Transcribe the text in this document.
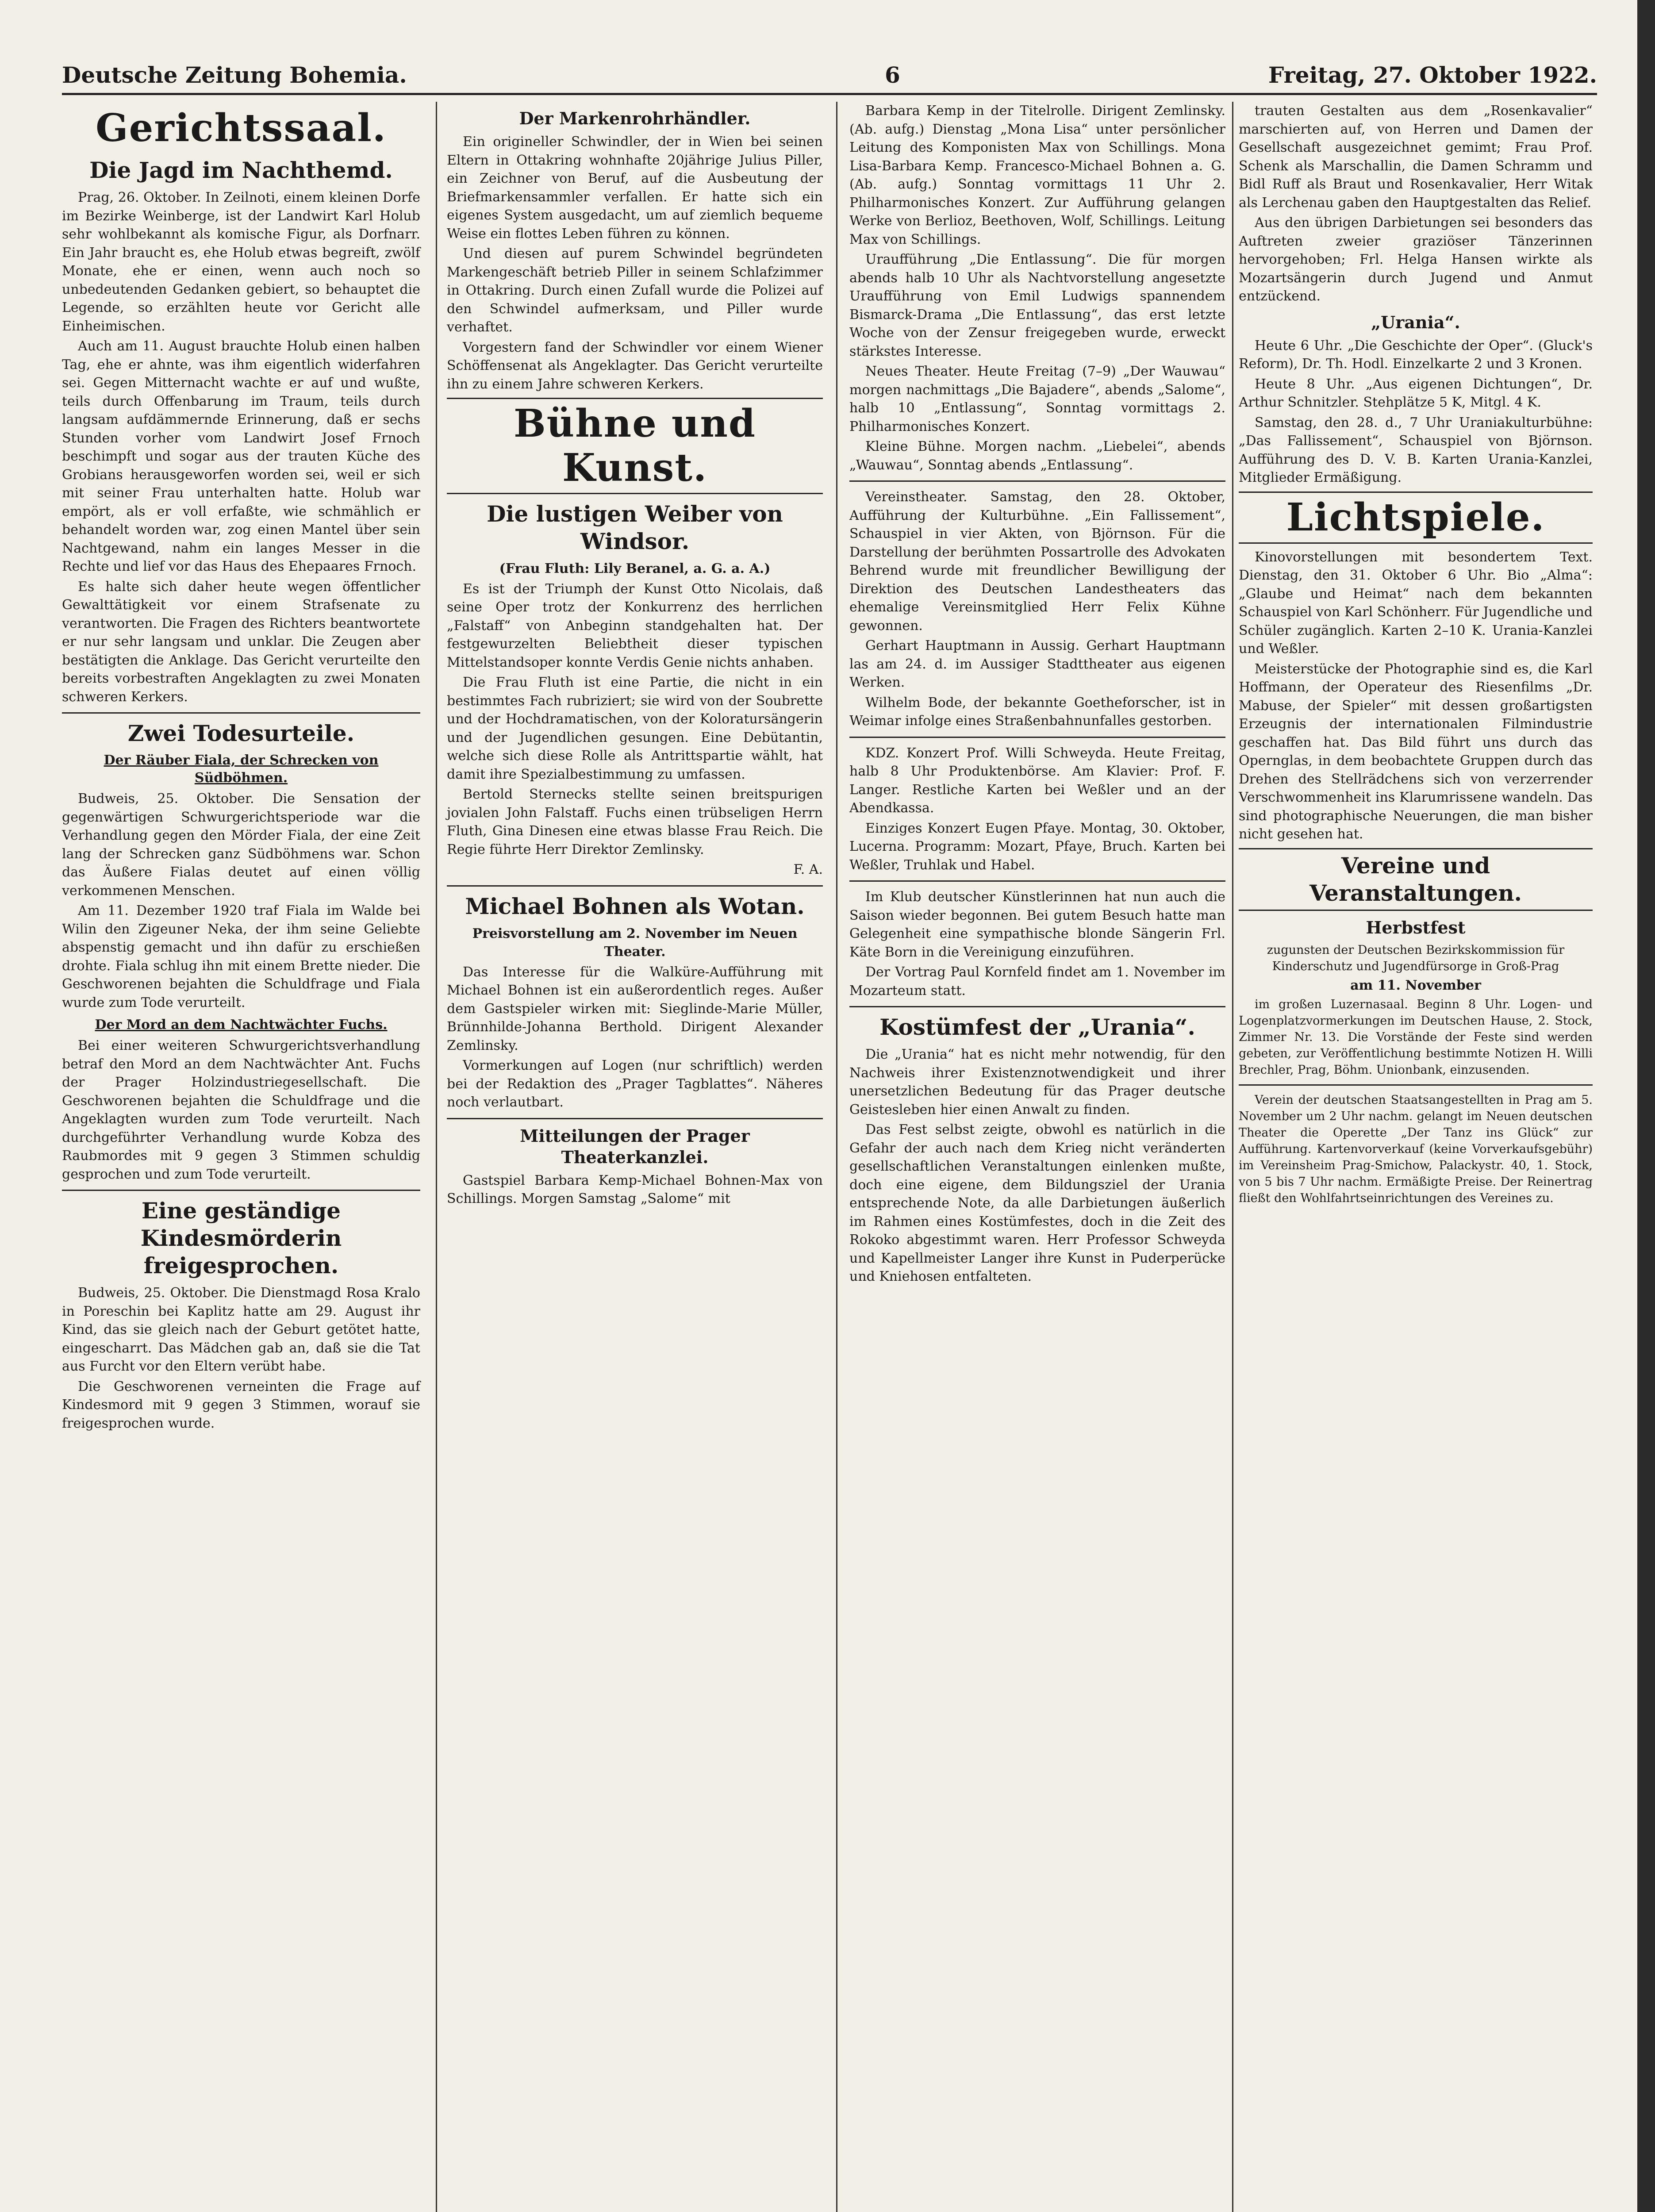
Deutsche Zeitung Bohemia.	6	Freitag, 27. Oktober 1922.
Gerichtssaal.
Die Jagd im Nachthemd.

Prag, 26. Oktober. In Zeilnoti, einem kleinen Dorfe im Bezirke Weinberge, ist der Landwirt Karl Holub sehr wohlbekannt als komische Figur, als Dorfnarr. Ein Jahr braucht es, ehe Holub etwas begreift, zwölf Monate, ehe er einen, wenn auch noch so unbedeutenden Gedanken gebiert, so behauptet die Legende, so erzählten heute vor Gericht alle Einheimischen.

Auch am 11. August brauchte Holub einen halben Tag, ehe er ahnte, was ihm eigentlich widerfahren sei. Gegen Mitternacht wachte er auf und wußte, teils durch Offenbarung im Traum, teils durch langsam aufdämmernde Erinnerung, daß er sechs Stunden vorher vom Landwirt Josef Frnoch beschimpft und sogar aus der trauten Küche des Grobians herausgeworfen worden sei, weil er sich mit seiner Frau unterhalten hatte. Holub war empört, als er voll erfaßte, wie schmählich er behandelt worden war, zog einen Mantel über sein Nachtgewand, nahm ein langes Messer in die Rechte und lief vor das Haus des Ehepaares Frnoch.

Es halte sich daher heute wegen öffentlicher Gewalttätigkeit vor einem Strafsenate zu verantworten. Die Fragen des Richters beantwortete er nur sehr langsam und unklar. Die Zeugen aber bestätigten die Anklage. Das Gericht verurteilte den bereits vorbestraften Angeklagten zu zwei Monaten schweren Kerkers.

Zwei Todesurteile.
Der Räuber Fiala, der Schrecken von Südböhmen.

Budweis, 25. Oktober. Die Sensation der gegenwärtigen Schwurgerichtsperiode war die Verhandlung gegen den Mörder Fiala, der eine Zeit lang der Schrecken ganz Südböhmens war. Schon das Äußere Fialas deutet auf einen völlig verkommenen Menschen.

Am 11. Dezember 1920 traf Fiala im Walde bei Wilin den Zigeuner Neka, der ihm seine Geliebte abspenstig gemacht und ihn dafür zu erschießen drohte. Fiala schlug ihn mit einem Brette nieder. Die Geschworenen bejahten die Schuldfrage und Fiala wurde zum Tode verurteilt.

Der Mord an dem Nachtwächter Fuchs.

Bei einer weiteren Schwurgerichtsverhandlung betraf den Mord an dem Nachtwächter Ant. Fuchs der Prager Holzindustriegesellschaft. Die Geschworenen bejahten die Schuldfrage und die Angeklagten wurden zum Tode verurteilt. Nach durchgeführter Verhandlung wurde Kobza des Raubmordes mit 9 gegen 3 Stimmen schuldig gesprochen und zum Tode verurteilt.

Eine geständige Kindesmörderin freigesprochen.

Budweis, 25. Oktober. Die Dienstmagd Rosa Kralo in Poreschin bei Kaplitz hatte am 29. August ihr Kind, das sie gleich nach der Geburt getötet hatte, eingescharrt. Das Mädchen gab an, daß sie die Tat aus Furcht vor den Eltern verübt habe.

Die Geschworenen verneinten die Frage auf Kindesmord mit 9 gegen 3 Stimmen, worauf sie freigesprochen wurde.

Der Markenrohrhändler.

Ein origineller Schwindler, der in Wien bei seinen Eltern in Ottakring wohnhafte 20jährige Julius Piller, ein Zeichner von Beruf, auf die Ausbeutung der Briefmarkensammler verfallen. Er hatte sich ein eigenes System ausgedacht, um auf ziemlich bequeme Weise ein flottes Leben führen zu können.

Und diesen auf purem Schwindel begründeten Markengeschäft betrieb Piller in seinem Schlafzimmer in Ottakring. Durch einen Zufall wurde die Polizei auf den Schwindel aufmerksam, und Piller wurde verhaftet.

Vorgestern fand der Schwindler vor einem Wiener Schöffensenat als Angeklagter. Das Gericht verurteilte ihn zu einem Jahre schweren Kerkers.

Bühne und Kunst.
Die lustigen Weiber von Windsor.

(Frau Fluth: Lily Beranel, a. G. a. A.)

Es ist der Triumph der Kunst Otto Nicolais, daß seine Oper trotz der Konkurrenz des herrlichen „Falstaff“ von Anbeginn standgehalten hat. Der festgewurzelten Beliebtheit dieser typischen Mittelstandsoper konnte Verdis Genie nichts anhaben.

Die Frau Fluth ist eine Partie, die nicht in ein bestimmtes Fach rubriziert; sie wird von der Soubrette und der Hochdramatischen, von der Koloratursängerin und der Jugendlichen gesungen. Eine Debütantin, welche sich diese Rolle als Antrittspartie wählt, hat damit ihre Spezialbestimmung zu umfassen.

Bertold Sternecks stellte seinen breitspurigen jovialen John Falstaff. Fuchs einen trübseligen Herrn Fluth, Gina Dinesen eine etwas blasse Frau Reich. Die Regie führte Herr Direktor Zemlinsky.

F. A.

Michael Bohnen als Wotan.

Preisvorstellung am 2. November im Neuen Theater.

Das Interesse für die Walküre-Aufführung mit Michael Bohnen ist ein außerordentlich reges. Außer dem Gastspieler wirken mit: Sieglinde-Marie Müller, Brünnhilde-Johanna Berthold. Dirigent Alexander Zemlinsky.

Vormerkungen auf Logen (nur schriftlich) werden bei der Redaktion des „Prager Tagblattes“. Näheres noch verlautbart.

Mitteilungen der Prager Theaterkanzlei.

Gastspiel Barbara Kemp-Michael Bohnen-Max von Schillings. Morgen Samstag „Salome“ mit

Barbara Kemp in der Titelrolle. Dirigent Zemlinsky. (Ab. aufg.) Dienstag „Mona Lisa“ unter persönlicher Leitung des Komponisten Max von Schillings. Mona Lisa-Barbara Kemp. Francesco-Michael Bohnen a. G. (Ab. aufg.) Sonntag vormittags 11 Uhr 2. Philharmonisches Konzert. Zur Aufführung gelangen Werke von Berlioz, Beethoven, Wolf, Schillings. Leitung Max von Schillings.

Uraufführung „Die Entlassung“. Die für morgen abends halb 10 Uhr als Nachtvorstellung angesetzte Uraufführung von Emil Ludwigs spannendem Bismarck-Drama „Die Entlassung“, das erst letzte Woche von der Zensur freigegeben wurde, erweckt stärkstes Interesse.

Neues Theater. Heute Freitag (7–9) „Der Wauwau“ morgen nachmittags „Die Bajadere“, abends „Salome“, halb 10 „Entlassung“, Sonntag vormittags 2. Philharmonisches Konzert.

Kleine Bühne. Morgen nachm. „Liebelei“, abends „Wauwau“, Sonntag abends „Entlassung“.

Vereinstheater. Samstag, den 28. Oktober, Aufführung der Kulturbühne. „Ein Fallissement“, Schauspiel in vier Akten, von Björnson. Für die Darstellung der berühmten Possartrolle des Advokaten Behrend wurde mit freundlicher Bewilligung der Direktion des Deutschen Landestheaters das ehemalige Vereinsmitglied Herr Felix Kühne gewonnen.

Gerhart Hauptmann in Aussig. Gerhart Hauptmann las am 24. d. im Aussiger Stadttheater aus eigenen Werken.

Wilhelm Bode, der bekannte Goetheforscher, ist in Weimar infolge eines Straßenbahnunfalles gestorben.

KDZ. Konzert Prof. Willi Schweyda. Heute Freitag, halb 8 Uhr Produktenbörse. Am Klavier: Prof. F. Langer. Restliche Karten bei Weßler und an der Abendkassa.

Einziges Konzert Eugen Pfaye. Montag, 30. Oktober, Lucerna. Programm: Mozart, Pfaye, Bruch. Karten bei Weßler, Truhlak und Habel.

Im Klub deutscher Künstlerinnen hat nun auch die Saison wieder begonnen. Bei gutem Besuch hatte man Gelegenheit eine sympathische blonde Sängerin Frl. Käte Born in die Vereinigung einzuführen.

Der Vortrag Paul Kornfeld findet am 1. November im Mozarteum statt.

Kostümfest der „Urania“.

Die „Urania“ hat es nicht mehr notwendig, für den Nachweis ihrer Existenznotwendigkeit und ihrer unersetzlichen Bedeutung für das Prager deutsche Geistesleben hier einen Anwalt zu finden.

Das Fest selbst zeigte, obwohl es natürlich in die Gefahr der auch nach dem Krieg nicht veränderten gesellschaftlichen Veranstaltungen einlenken mußte, doch eine eigene, dem Bildungsziel der Urania entsprechende Note, da alle Darbietungen äußerlich im Rahmen eines Kostümfestes, doch in die Zeit des Rokoko abgestimmt waren. Herr Professor Schweyda und Kapellmeister Langer ihre Kunst in Puderperücke und Kniehosen entfalteten.

trauten Gestalten aus dem „Rosenkavalier“ marschierten auf, von Herren und Damen der Gesellschaft ausgezeichnet gemimt; Frau Prof. Schenk als Marschallin, die Damen Schramm und Bidl Ruff als Braut und Rosenkavalier, Herr Witak als Lerchenau gaben den Hauptgestalten das Relief.

Aus den übrigen Darbietungen sei besonders das Auftreten zweier graziöser Tänzerinnen hervorgehoben; Frl. Helga Hansen wirkte als Mozartsängerin durch Jugend und Anmut entzückend.

„Urania“.

Heute 6 Uhr. „Die Geschichte der Oper“. (Gluck's Reform), Dr. Th. Hodl. Einzelkarte 2 und 3 Kronen.

Heute 8 Uhr. „Aus eigenen Dichtungen“, Dr. Arthur Schnitzler. Stehplätze 5 K, Mitgl. 4 K.

Samstag, den 28. d., 7 Uhr Uraniakulturbühne: „Das Fallissement“, Schauspiel von Björnson. Aufführung des D. V. B. Karten Urania-Kanzlei, Mitglieder Ermäßigung.

Lichtspiele.

Kinovorstellungen mit besondertem Text. Dienstag, den 31. Oktober 6 Uhr. Bio „Alma“: „Glaube und Heimat“ nach dem bekannten Schauspiel von Karl Schönherr. Für Jugendliche und Schüler zugänglich. Karten 2–10 K. Urania-Kanzlei und Weßler.

Meisterstücke der Photographie sind es, die Karl Hoffmann, der Operateur des Riesenfilms „Dr. Mabuse, der Spieler“ mit dessen großartigsten Erzeugnis der internationalen Filmindustrie geschaffen hat. Das Bild führt uns durch das Opernglas, in dem beobachtete Gruppen durch das Drehen des Stellrädchens sich von verzerrender Verschwommenheit ins Klarumrissene wandeln. Das sind photographische Neuerungen, die man bisher nicht gesehen hat.

Vereine und Veranstaltungen.
Herbstfest

zugunsten der Deutschen Bezirkskommission für Kinderschutz und Jugendfürsorge in Groß-Prag

am 11. November

im großen Luzernasaal. Beginn 8 Uhr. Logen- und Logenplatzvormerkungen im Deutschen Hause, 2. Stock, Zimmer Nr. 13. Die Vorstände der Feste sind werden gebeten, zur Veröffentlichung bestimmte Notizen H. Willi Brechler, Prag, Böhm. Unionbank, einzusenden.

Verein der deutschen Staatsangestellten in Prag am 5. November um 2 Uhr nachm. gelangt im Neuen deutschen Theater die Operette „Der Tanz ins Glück“ zur Aufführung. Kartenvorverkauf (keine Vorverkaufsgebühr) im Vereinsheim Prag-Smichow, Palackystr. 40, 1. Stock, von 5 bis 7 Uhr nachm. Ermäßigte Preise. Der Reinertrag fließt den Wohlfahrtseinrichtungen des Vereines zu.
